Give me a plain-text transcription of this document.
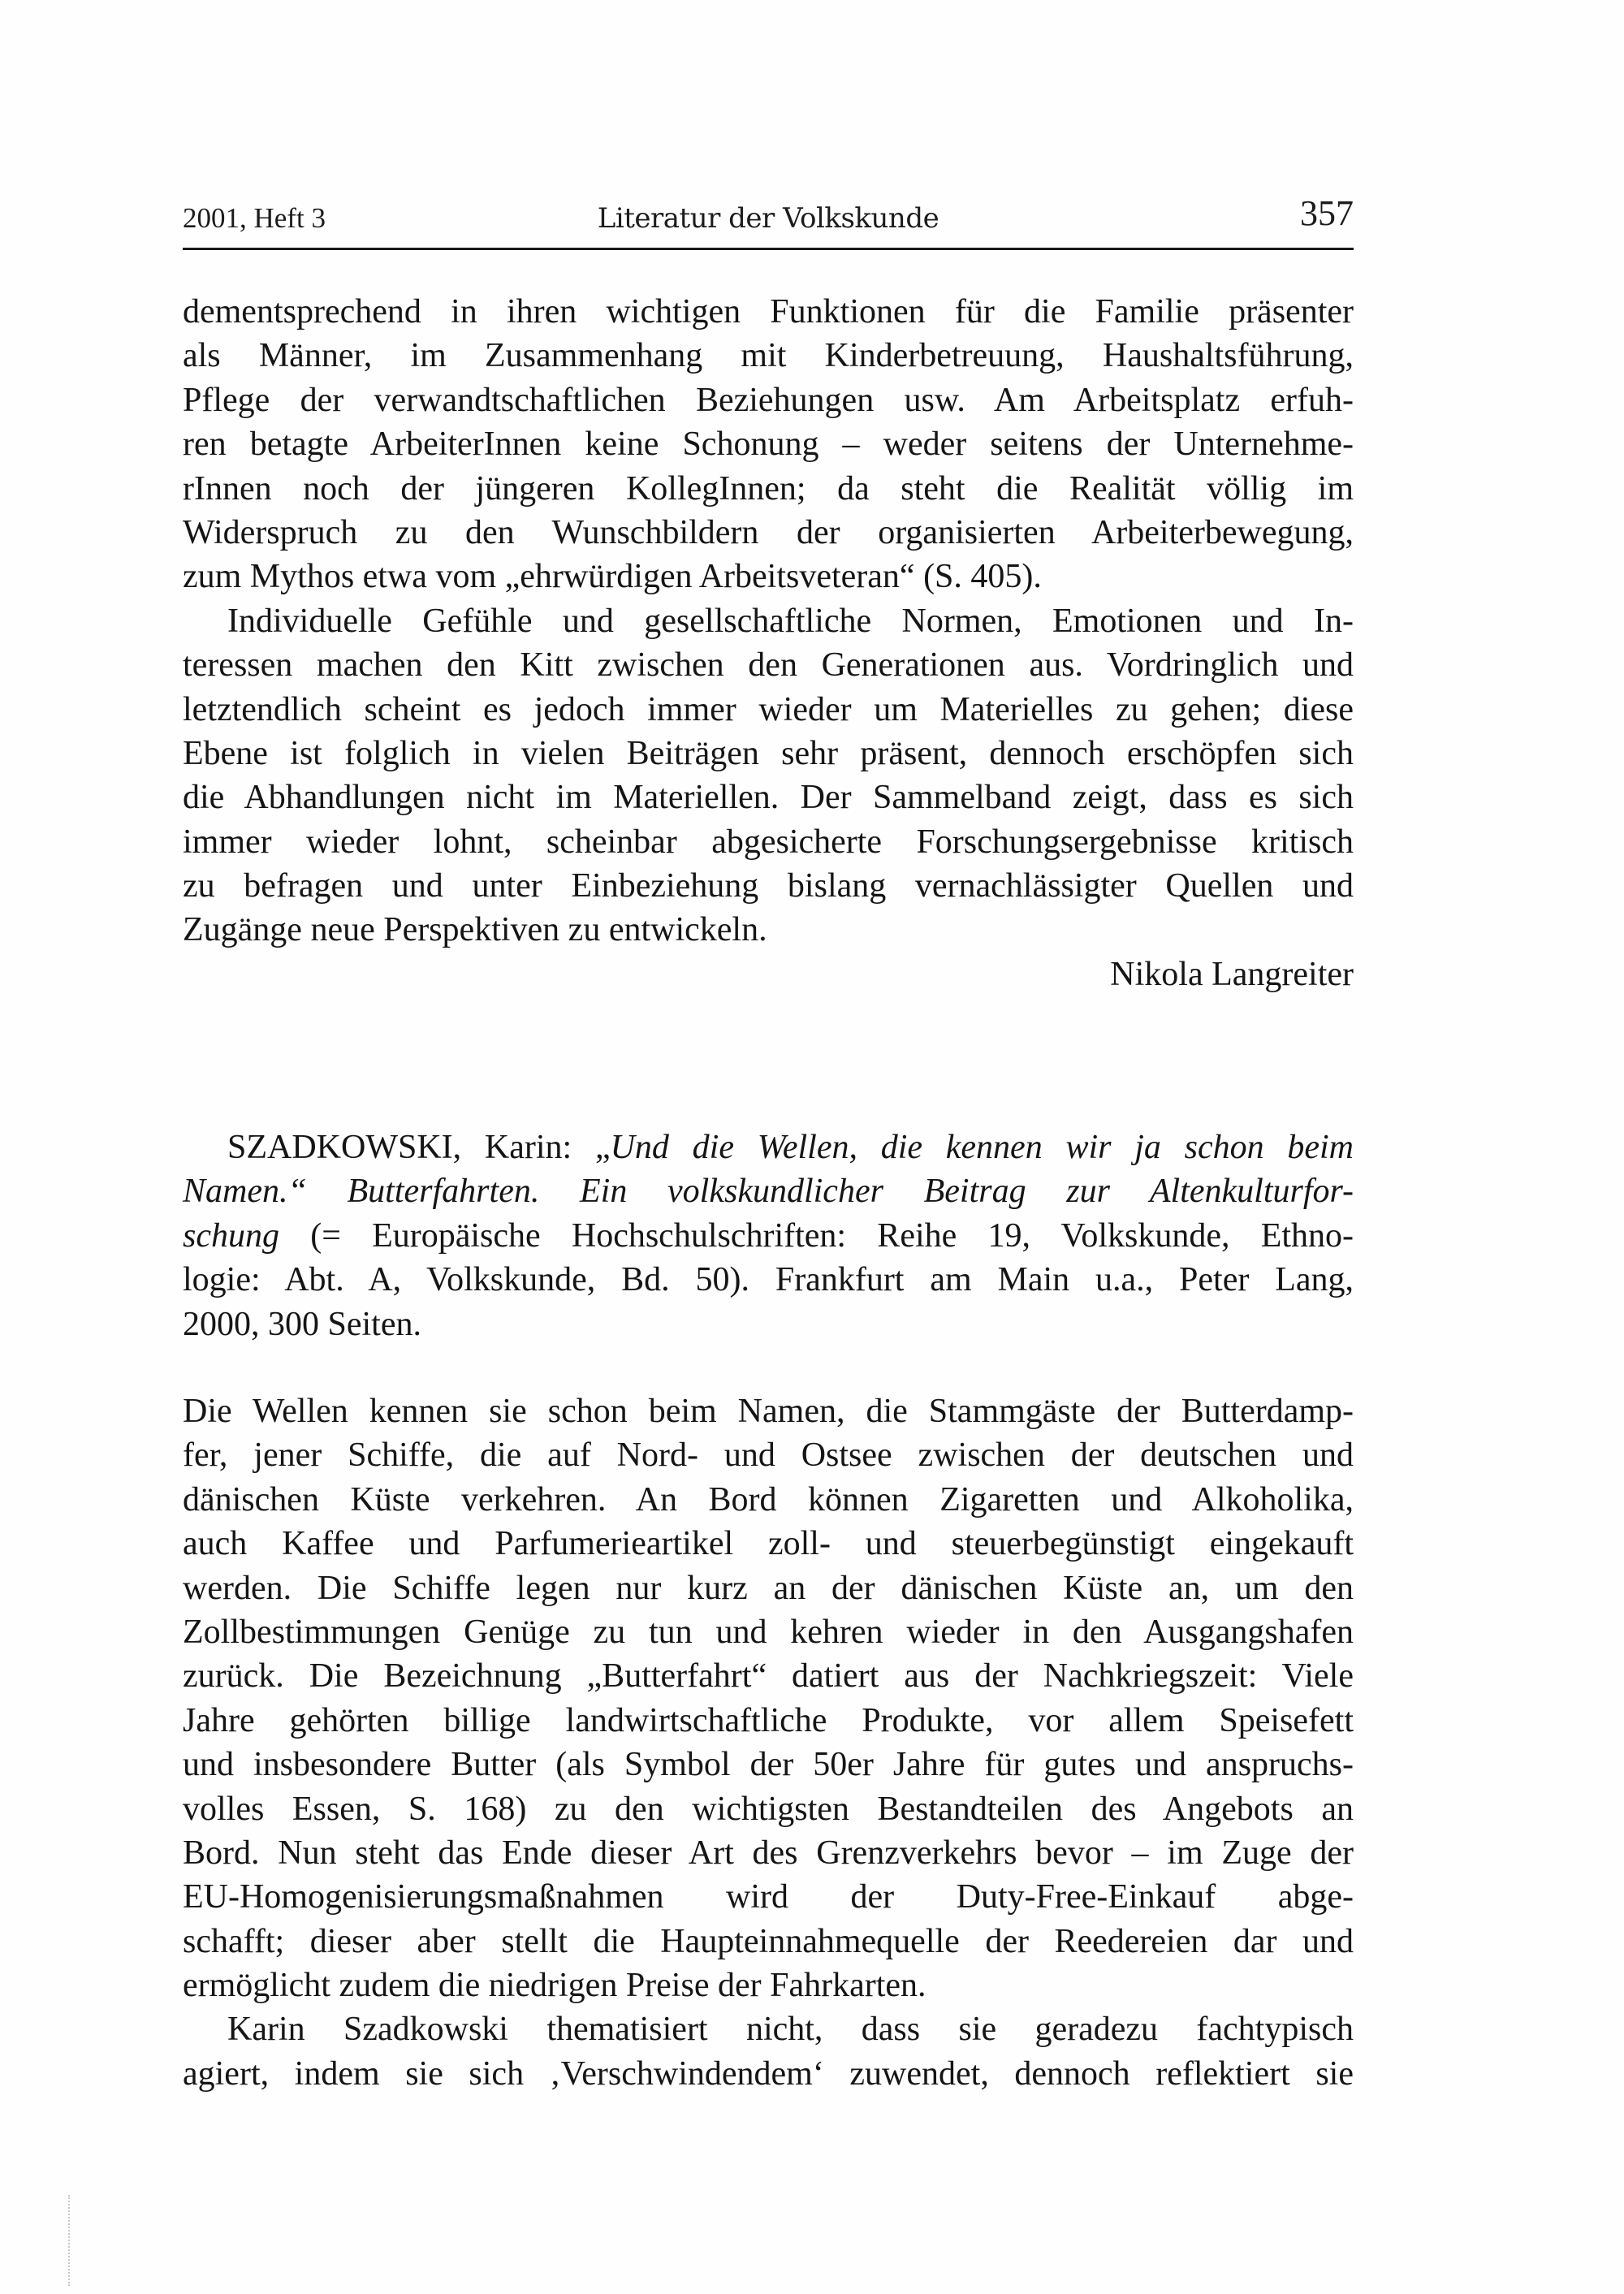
2001, Heft 3	Literatur der Volkskunde	357
dementsprechend in ihren wichtigen Funktionen für die Familie präsenter
als Männer, im Zusammenhang mit Kinderbetreuung, Haushaltsführung,
Pflege der verwandtschaftlichen Beziehungen usw. Am Arbeitsplatz erfuh-
ren betagte ArbeiterInnen keine Schonung – weder seitens der Unternehme-
rInnen noch der jüngeren KollegInnen; da steht die Realität völlig im
Widerspruch zu den Wunschbildern der organisierten Arbeiterbewegung,
zum Mythos etwa vom „ehrwürdigen Arbeitsveteran“ (S. 405).
Individuelle Gefühle und gesellschaftliche Normen, Emotionen und In-
teressen machen den Kitt zwischen den Generationen aus. Vordringlich und
letztendlich scheint es jedoch immer wieder um Materielles zu gehen; diese
Ebene ist folglich in vielen Beiträgen sehr präsent, dennoch erschöpfen sich
die Abhandlungen nicht im Materiellen. Der Sammelband zeigt, dass es sich
immer wieder lohnt, scheinbar abgesicherte Forschungsergebnisse kritisch
zu befragen und unter Einbeziehung bislang vernachlässigter Quellen und
Zugänge neue Perspektiven zu entwickeln.
Nikola Langreiter
SZADKOWSKI, Karin: „Und die Wellen, die kennen wir ja schon beim
Namen.“ Butterfahrten. Ein volkskundlicher Beitrag zur Altenkulturfor-
schung (= Europäische Hochschulschriften: Reihe 19, Volkskunde, Ethno-
logie: Abt. A, Volkskunde, Bd. 50). Frankfurt am Main u.a., Peter Lang,
2000, 300 Seiten.
Die Wellen kennen sie schon beim Namen, die Stammgäste der Butterdamp-
fer, jener Schiffe, die auf Nord- und Ostsee zwischen der deutschen und
dänischen Küste verkehren. An Bord können Zigaretten und Alkoholika,
auch Kaffee und Parfumerieartikel zoll- und steuerbegünstigt eingekauft
werden. Die Schiffe legen nur kurz an der dänischen Küste an, um den
Zollbestimmungen Genüge zu tun und kehren wieder in den Ausgangshafen
zurück. Die Bezeichnung „Butterfahrt“ datiert aus der Nachkriegszeit: Viele
Jahre gehörten billige landwirtschaftliche Produkte, vor allem Speisefett
und insbesondere Butter (als Symbol der 50er Jahre für gutes und anspruchs-
volles Essen, S. 168) zu den wichtigsten Bestandteilen des Angebots an
Bord. Nun steht das Ende dieser Art des Grenzverkehrs bevor – im Zuge der
EU-Homogenisierungsmaßnahmen wird der Duty-Free-Einkauf abge-
schafft; dieser aber stellt die Haupteinnahmequelle der Reedereien dar und
ermöglicht zudem die niedrigen Preise der Fahrkarten.
Karin Szadkowski thematisiert nicht, dass sie geradezu fachtypisch
agiert, indem sie sich ‚Verschwindendem‘ zuwendet, dennoch reflektiert sie
